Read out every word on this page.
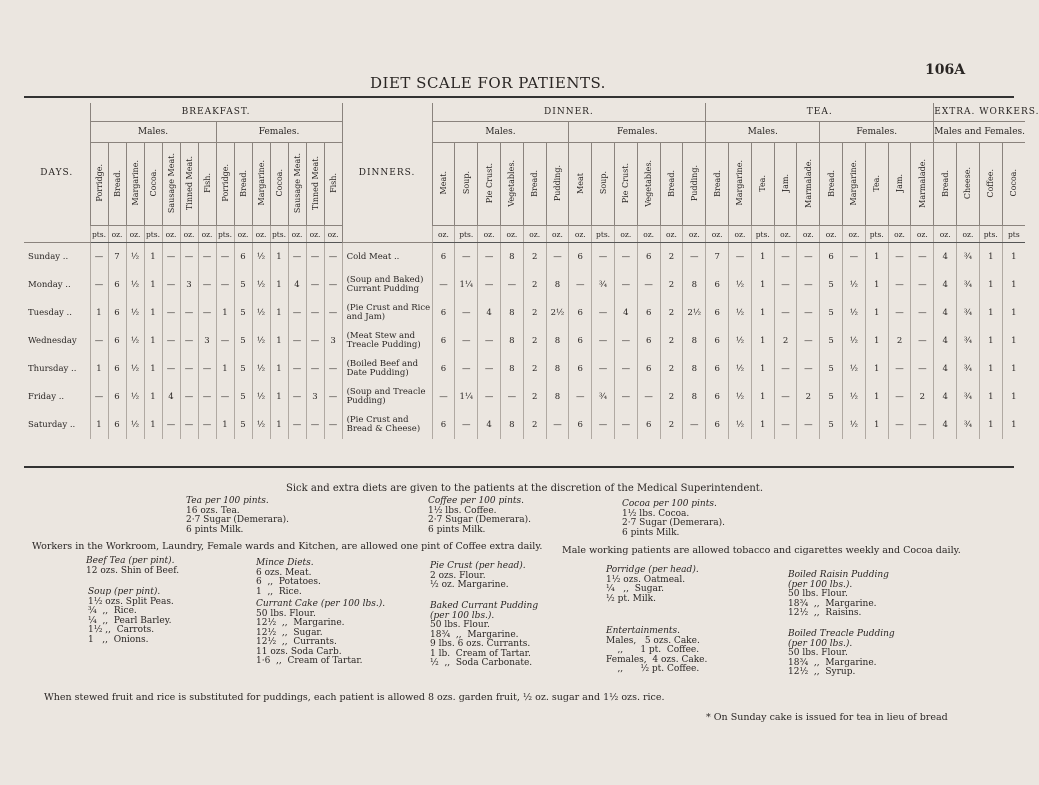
106A
DIET SCALE FOR PATIENTS.
DAYS.	BREAKFAST.														DINNERS.	DINNER.												TEA.										EXTRA. WORKERS.			
	Males.							Females.								Males.						Females.						Males.					Females.					Males and Females.			
	Porridge.	Bread.	Margarine.	Cocoa.	Sausage Meat.	Tinned Meat.	Fish.	Porridge.	Bread.	Margarine.	Cocoa.	Sausage Meat.	Tinned Meat.	Fish.		Meat.	Soup.	Pie Crust.	Vegetables.	Bread.	Pudding.	Meat	Soup.	Pie Crust.	Vegetables.	Bread.	Pudding.	Bread.	Margarine.	Tea.	Jam.	Marmalade.	Bread.	Margarine.	Tea.	Jam.	Marmalade.	Bread.	Cheese.	Coffee.	Cocoa.
	pts.	oz.	oz.	pts.	oz.	oz.	oz.	pts.	oz.	oz.	pts.	oz.	oz.	oz.		oz.	pts.	oz.	oz.	oz.	oz.	oz.	pts.	oz.	oz.	oz.	oz.	oz.	oz.	pts.	oz.	oz.	oz.	oz.	pts.	oz.	oz.	oz.	oz.	pts.	pts
Sunday ..	—	7	½	1	—	—	—	—	6	½	1	—	—	—	Cold Meat ..	6	—	—	8	2	—	6	—	—	6	2	—	7	—	1	—	—	6	—	1	—	—	4	¾	1	1
Monday ..	—	6	½	1	—	3	—	—	5	½	1	4	—	—	(Soup and Baked) Currant Pudding	—	1¼	—	—	2	8	—	¾	—	—	2	8	6	½	1	—	—	5	½	1	—	—	4	¾	1	1
Tuesday ..	1	6	½	1	—	—	—	1	5	½	1	—	—	—	(Pie Crust and Rice and Jam)	6	—	4	8	2	2½	6	—	4	6	2	2½	6	½	1	—	—	5	½	1	—	—	4	¾	1	1
Wednesday	—	6	½	1	—	—	3	—	5	½	1	—	—	3	(Meat Stew and Treacle Pudding)	6	—	—	8	2	8	6	—	—	6	2	8	6	½	1	2	—	5	½	1	2	—	4	¾	1	1
Thursday ..	1	6	½	1	—	—	—	1	5	½	1	—	—	—	(Boiled Beef and Date Pudding)	6	—	—	8	2	8	6	—	—	6	2	8	6	½	1	—	—	5	½	1	—	—	4	¾	1	1
Friday ..	—	6	½	1	4	—	—	—	5	½	1	—	3	—	(Soup and Treacle Pudding)	—	1¼	—	—	2	8	—	¾	—	—	2	8	6	½	1	—	2	5	½	1	—	2	4	¾	1	1
Saturday ..	1	6	½	1	—	—	—	1	5	½	1	—	—	—	(Pie Crust and Bread & Cheese)	6	—	4	8	2	—	6	—	—	6	2	—	6	½	1	—	—	5	½	1	—	—	4	¾	1	1
Sick and extra diets are given to the patients at the discretion of the Medical Superintendent.
Tea per 100 pints.
16 ozs. Tea.
2·7 Sugar (Demerara).
6 pints Milk.
Coffee per 100 pints.
1½ lbs. Coffee.
2·7 Sugar (Demerara).
6 pints Milk.
Cocoa per 100 pints.
1½ lbs. Cocoa.
2·7 Sugar (Demerara).
6 pints Milk.
Workers in the Workroom, Laundry, Female wards and Kitchen, are allowed one pint of Coffee extra daily. Male working patients are allowed tobacco and cigarettes weekly and Cocoa daily.
Beef Tea (per pint).
12 ozs. Shin of Beef.
Soup (per pint).
1½ ozs. Split Peas.
¾  ,,  Rice.
¼  ,,  Pearl Barley.
1½ ,,  Carrots.
1   ,,  Onions.
Mince Diets.
6 ozs. Meat.
6  ,,  Potatoes.
1  ,,  Rice.
Currant Cake (per 100 lbs.).
50 lbs. Flour.
12½  ,,  Margarine.
12½  ,,  Sugar.
12½  ,,  Currants.
11 ozs. Soda Carb.
1·6  ,,  Cream of Tartar.
Pie Crust (per head).
2 ozs. Flour.
½ oz. Margarine.
Baked Currant Pudding
(per 100 lbs.).
50 lbs. Flour.
18¾  ,,  Margarine.
9 lbs. 6 ozs. Currants.
1 lb.  Cream of Tartar.
½  ,,  Soda Carbonate.
Porridge (per head).
1½ ozs. Oatmeal.
¼   ,,  Sugar.
½ pt. Milk.
Entertainments.
Males,   5 ozs. Cake.
,,      1 pt.  Coffee.
Females,  4 ozs. Cake.
,,      ½ pt. Coffee.
Boiled Raisin Pudding
(per 100 lbs.).
50 lbs. Flour.
18¾  ,,  Margarine.
12½  ,,  Raisins.
Boiled Treacle Pudding
(per 100 lbs.).
50 lbs. Flour.
18¾  ,,  Margarine.
12½  ,,  Syrup.
When stewed fruit and rice is substituted for puddings, each patient is allowed 8 ozs. garden fruit, ½ oz. sugar and 1½ ozs. rice.
* On Sunday cake is issued for tea in lieu of bread
